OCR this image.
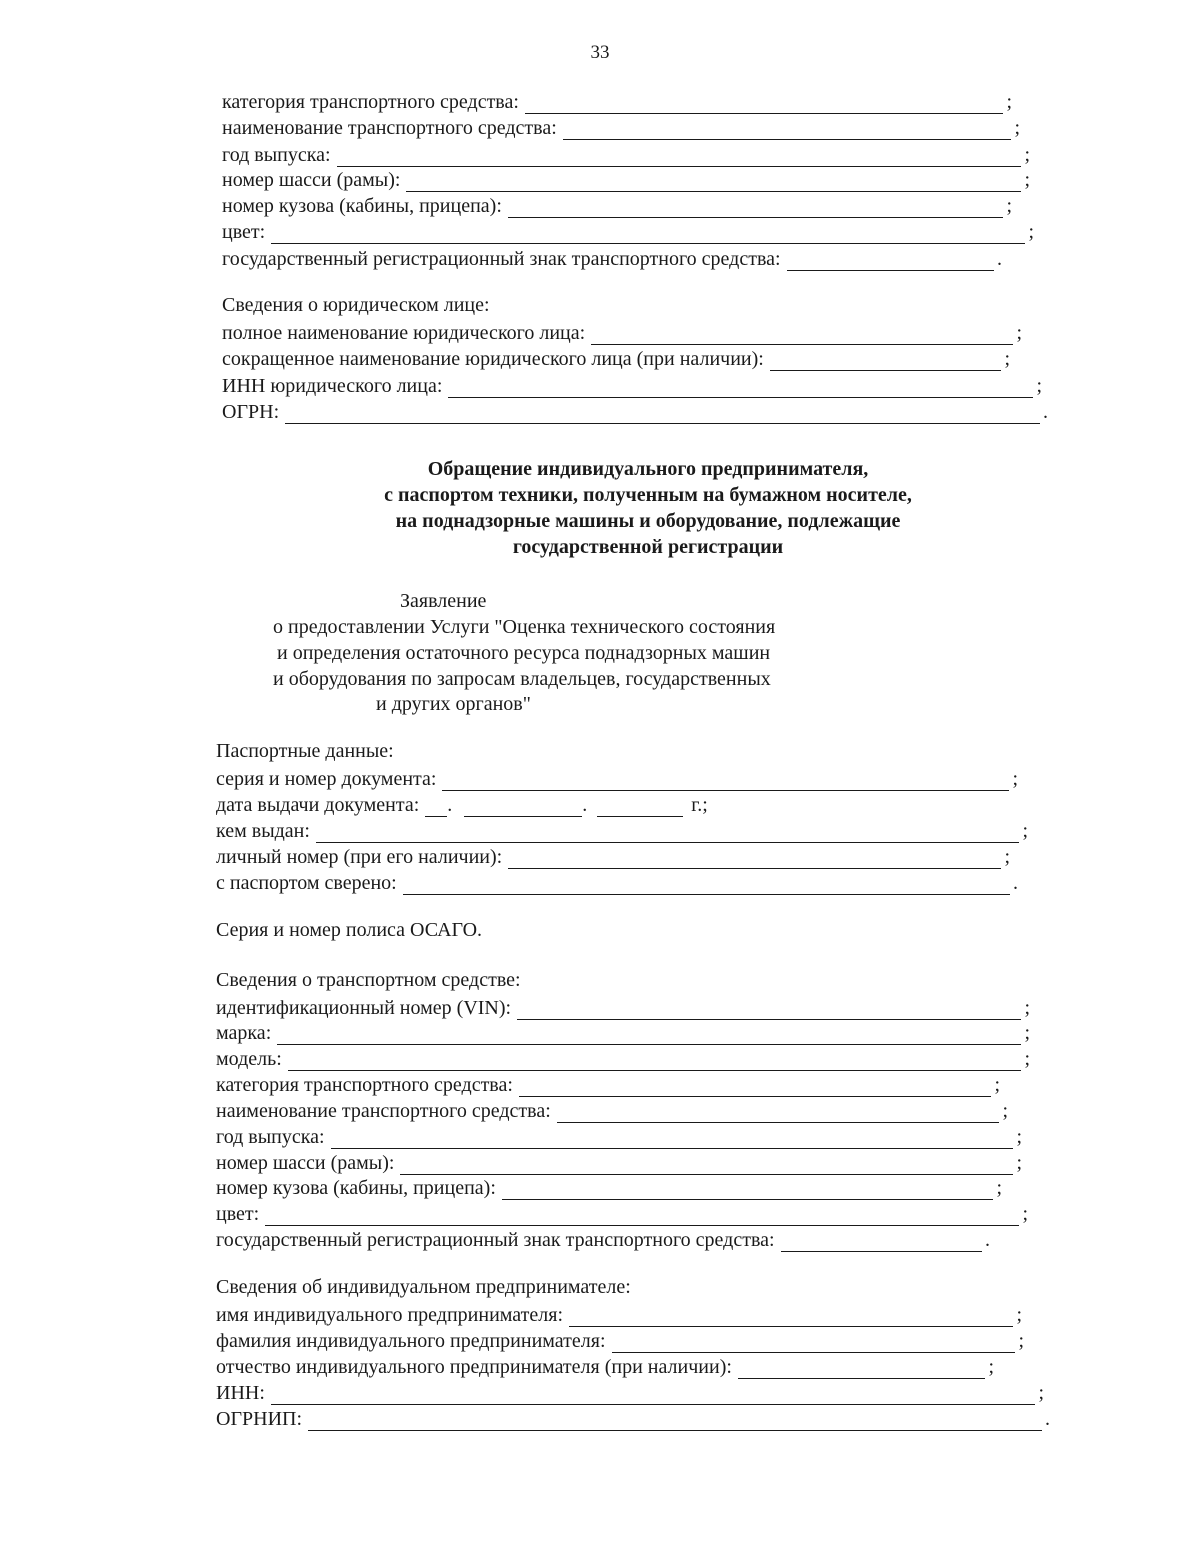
33
категория транспортного средства:	;
наименование транспортного средства:	;
год выпуска:	;
номер шасси (рамы):	;
номер кузова (кабины, прицепа):	;
цвет:	;
государственный регистрационный знак транспортного средства:	.
Сведения о юридическом лице:
полное наименование юридического лица:	;
сокращенное наименование юридического лица (при наличии):	;
ИНН юридического лица:	;
ОГРН:	.
Обращение индивидуального предпринимателя,
с паспортом техники, полученным на бумажном носителе,
на поднадзорные машины и оборудование, подлежащие
государственной регистрации
Заявление
о предоставлении Услуги "Оценка технического состояния
и определения остаточного ресурса поднадзорных машин
и оборудования по запросам владельцев, государственных
и других органов"
Паспортные данные:
серия и номер документа:	;
дата выдачи документа: .	.	г.;
кем выдан:	;
личный номер (при его наличии):	;
с паспортом сверено:	.
Серия и номер полиса ОСАГО.
Сведения о транспортном средстве:
идентификационный номер (VIN):	;
марка:	;
модель:	;
категория транспортного средства:	;
наименование транспортного средства:	;
год выпуска:	;
номер шасси (рамы):	;
номер кузова (кабины, прицепа):	;
цвет:	;
государственный регистрационный знак транспортного средства:	.
Сведения об индивидуальном предпринимателе:
имя индивидуального предпринимателя:	;
фамилия индивидуального предпринимателя:	;
отчество индивидуального предпринимателя (при наличии):	;
ИНН:	;
ОГРНИП:	.
